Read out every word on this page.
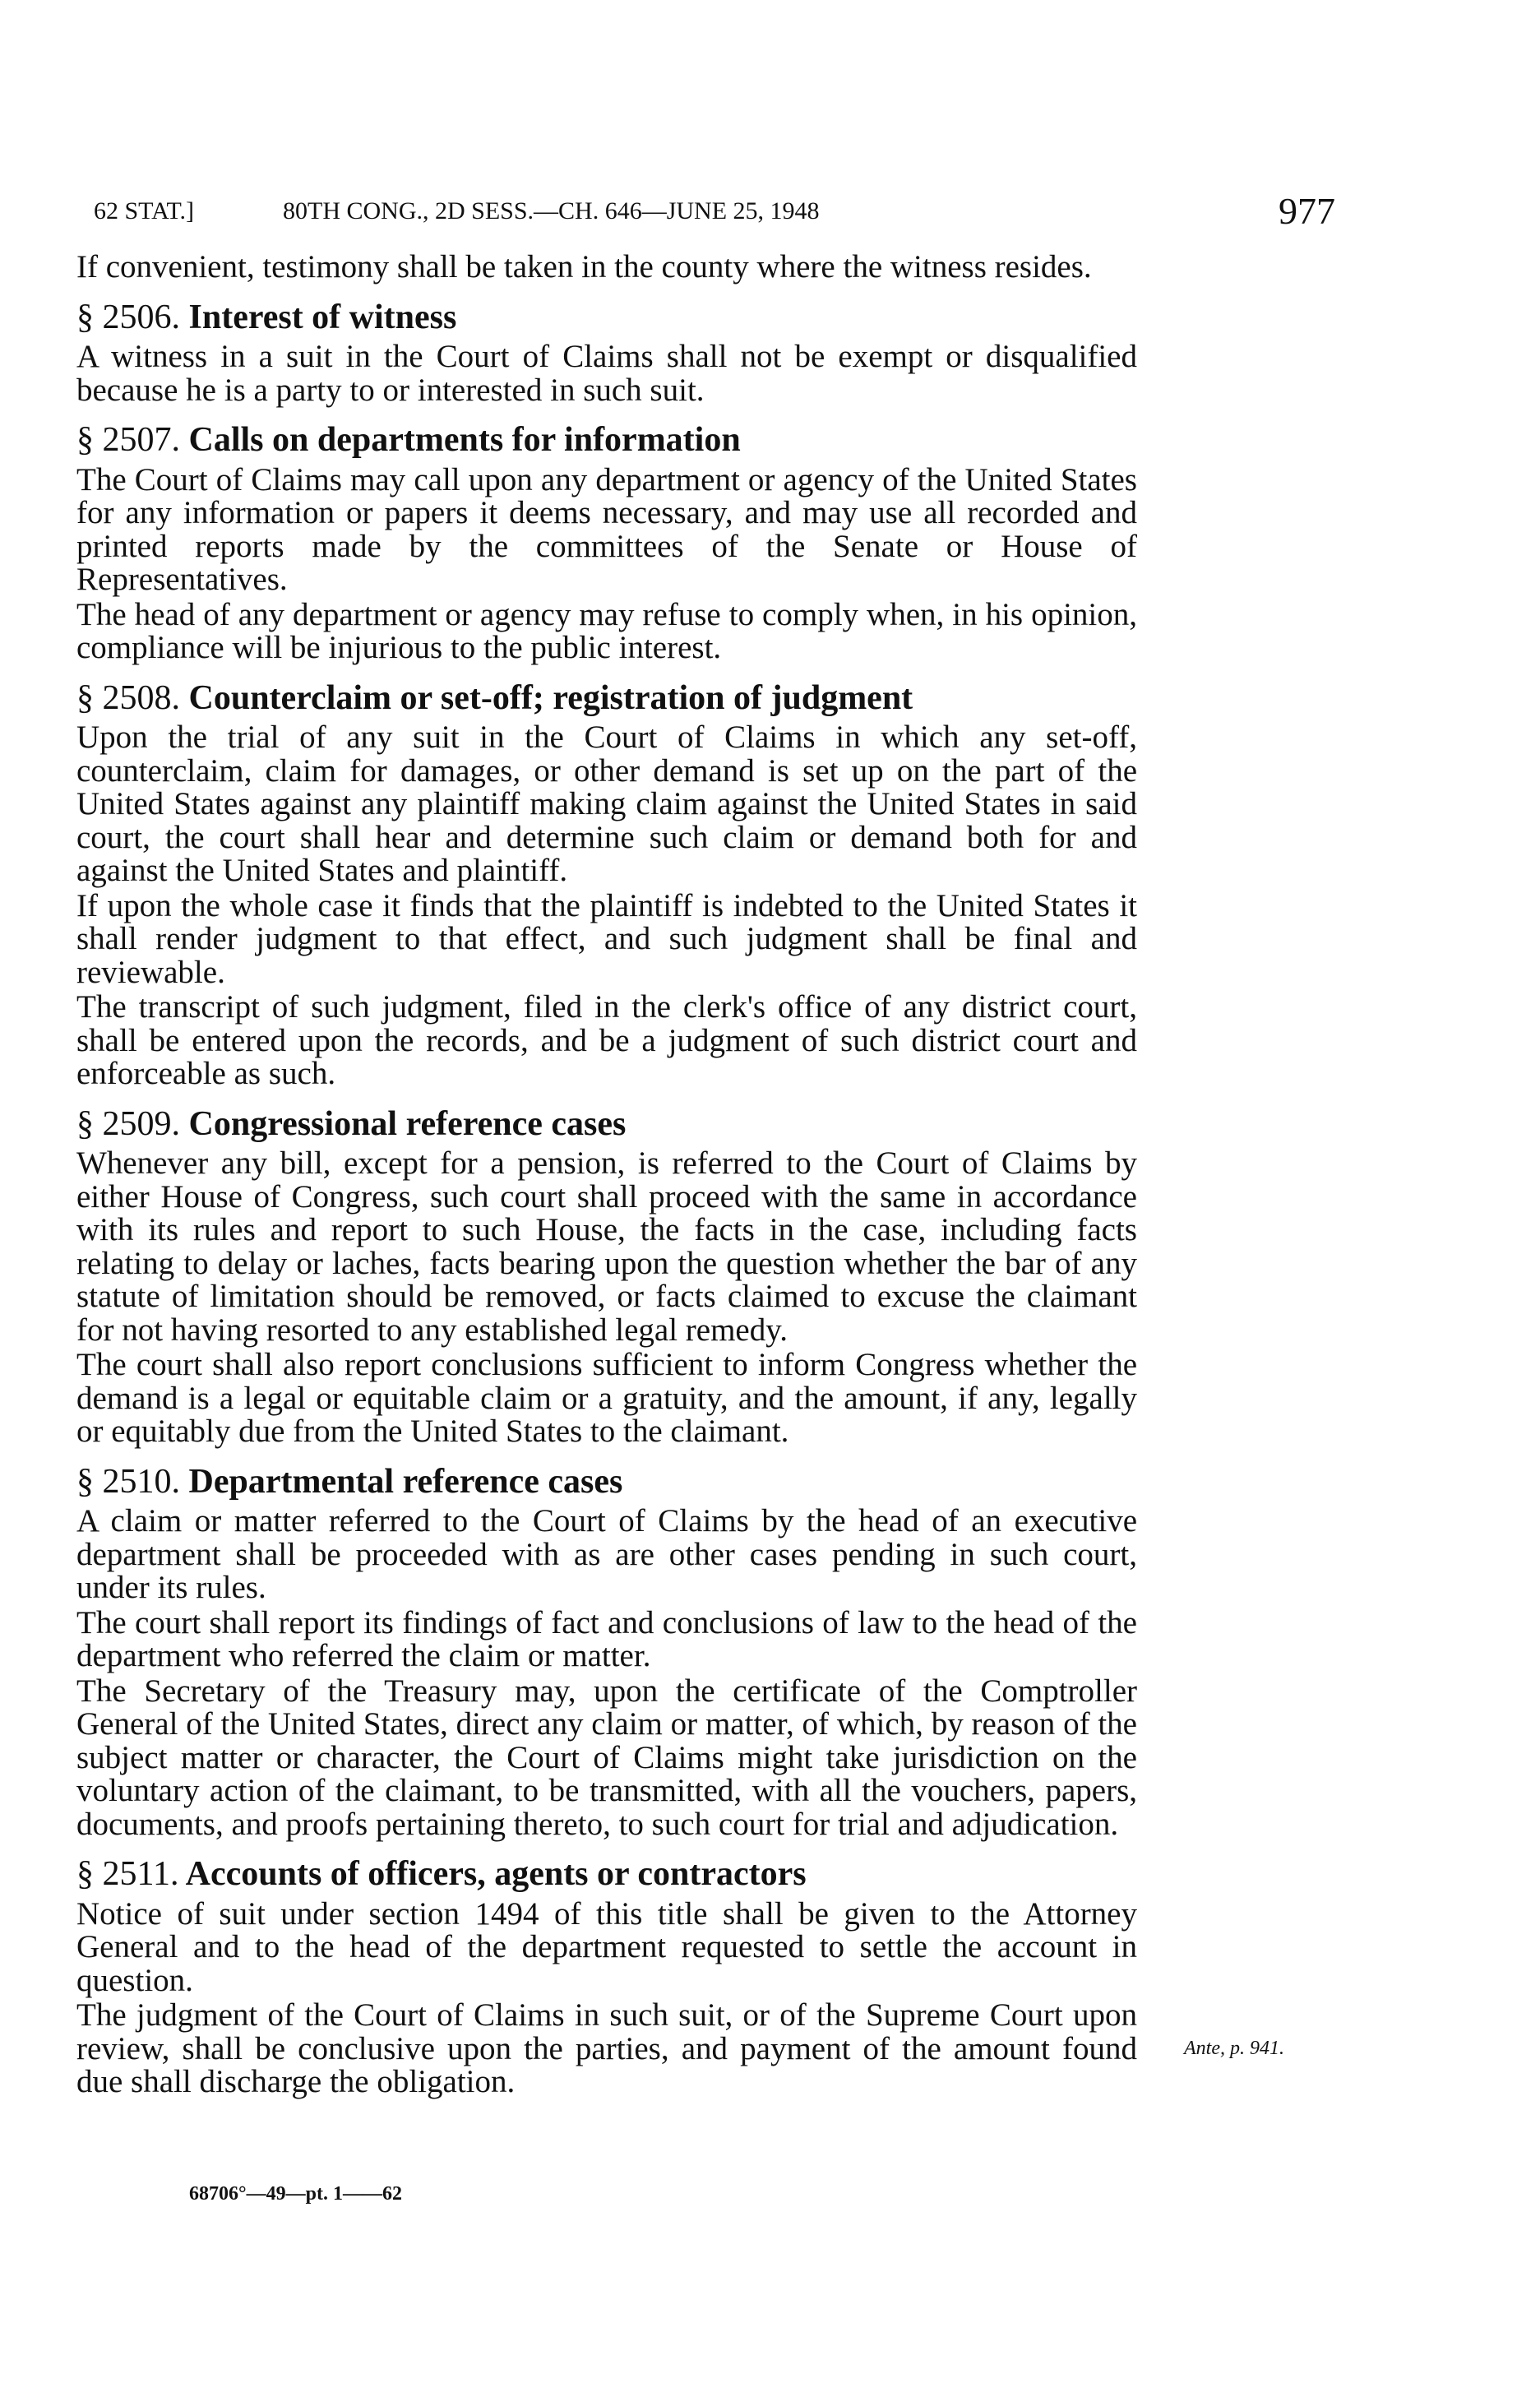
62 STAT.]	80TH CONG., 2D SESS.—CH. 646—JUNE 25, 1948	977

If convenient, testimony shall be taken in the county where the witness resides.

§ 2506. Interest of witness

A witness in a suit in the Court of Claims shall not be exempt or disqualified because he is a party to or interested in such suit.

§ 2507. Calls on departments for information

The Court of Claims may call upon any department or agency of the United States for any information or papers it deems necessary, and may use all recorded and printed reports made by the committees of the Senate or House of Representatives.

The head of any department or agency may refuse to comply when, in his opinion, compliance will be injurious to the public interest.

§ 2508. Counterclaim or set-off; registration of judgment

Upon the trial of any suit in the Court of Claims in which any set-off, counterclaim, claim for damages, or other demand is set up on the part of the United States against any plaintiff making claim against the United States in said court, the court shall hear and determine such claim or demand both for and against the United States and plaintiff.

If upon the whole case it finds that the plaintiff is indebted to the United States it shall render judgment to that effect, and such judgment shall be final and reviewable.

The transcript of such judgment, filed in the clerk's office of any district court, shall be entered upon the records, and be a judgment of such district court and enforceable as such.

§ 2509. Congressional reference cases

Whenever any bill, except for a pension, is referred to the Court of Claims by either House of Congress, such court shall proceed with the same in accordance with its rules and report to such House, the facts in the case, including facts relating to delay or laches, facts bearing upon the question whether the bar of any statute of limitation should be removed, or facts claimed to excuse the claimant for not having resorted to any established legal remedy.

The court shall also report conclusions sufficient to inform Congress whether the demand is a legal or equitable claim or a gratuity, and the amount, if any, legally or equitably due from the United States to the claimant.

§ 2510. Departmental reference cases

A claim or matter referred to the Court of Claims by the head of an executive department shall be proceeded with as are other cases pending in such court, under its rules.

The court shall report its findings of fact and conclusions of law to the head of the department who referred the claim or matter.

The Secretary of the Treasury may, upon the certificate of the Comptroller General of the United States, direct any claim or matter, of which, by reason of the subject matter or character, the Court of Claims might take jurisdiction on the voluntary action of the claimant, to be transmitted, with all the vouchers, papers, documents, and proofs pertaining thereto, to such court for trial and adjudication.

§ 2511. Accounts of officers, agents or contractors

Notice of suit under section 1494 of this title shall be given to the Attorney General and to the head of the department requested to settle the account in question.

The judgment of the Court of Claims in such suit, or of the Supreme Court upon review, shall be conclusive upon the parties, and payment of the amount found due shall discharge the obligation.

Ante, p. 941.
68706°—49—pt. 1——62
